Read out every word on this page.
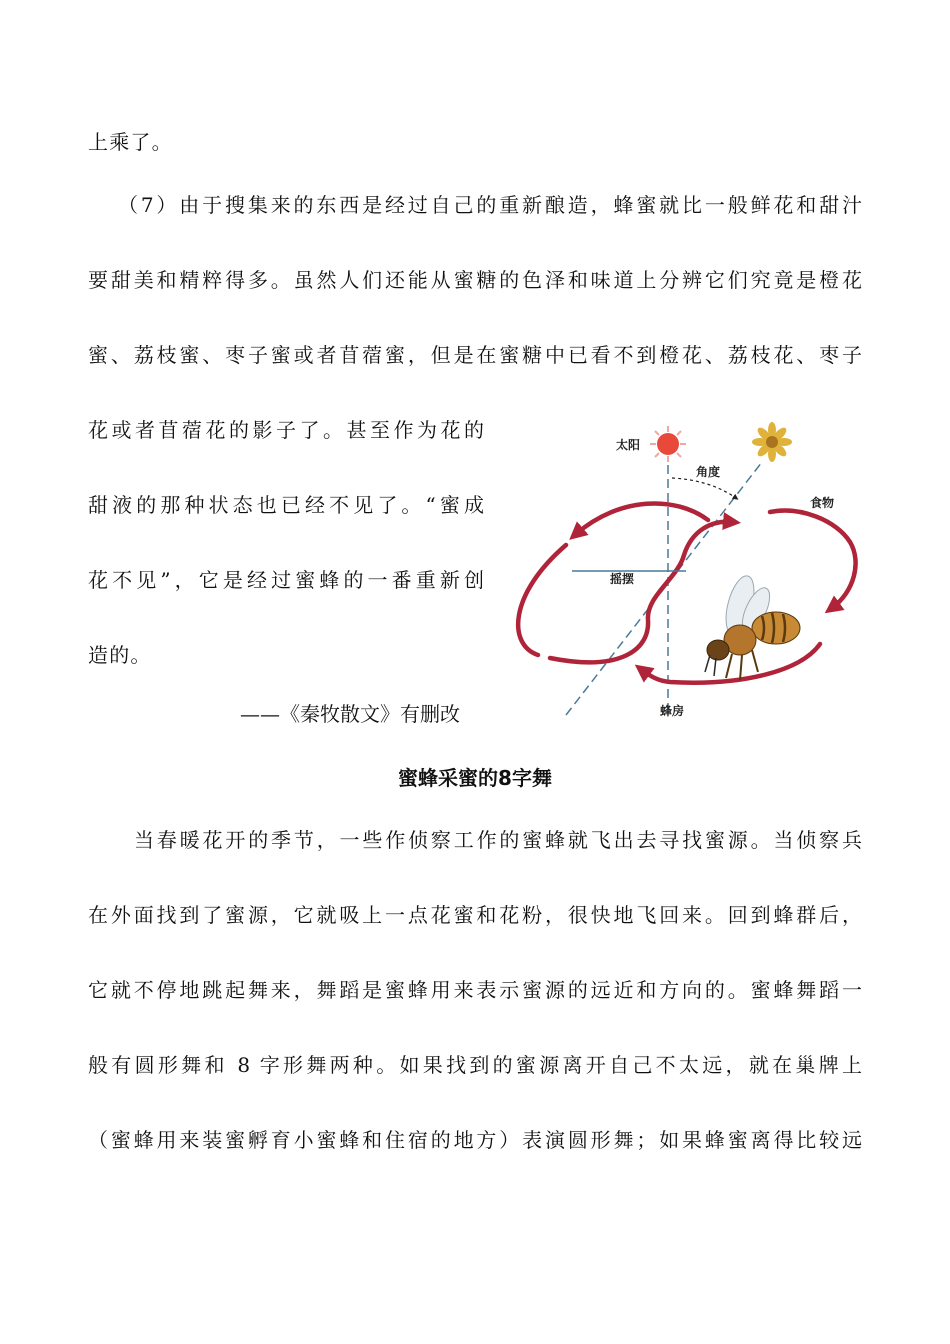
上乘了。
（7）由于搜集来的东西是经过自己的重新酿造，蜂蜜就比一般鲜花和甜汁
要甜美和精粹得多。虽然人们还能从蜜糖的色泽和味道上分辨它们究竟是橙花
蜜、荔枝蜜、枣子蜜或者苜蓿蜜，但是在蜜糖中已看不到橙花、荔枝花、枣子
花或者苜蓿花的影子了。甚至作为花的
甜液的那种状态也已经不见了。“蜜成
花不见”，它是经过蜜蜂的一番重新创
造的。
——《秦牧散文》有删改
太阳
角度
食物
摇摆
蜂房
蜜蜂采蜜的8字舞
当春暖花开的季节，一些作侦察工作的蜜蜂就飞出去寻找蜜源。当侦察兵
在外面找到了蜜源，它就吸上一点花蜜和花粉，很快地飞回来。回到蜂群后，
它就不停地跳起舞来，舞蹈是蜜蜂用来表示蜜源的远近和方向的。蜜蜂舞蹈一
般有圆形舞和 8 字形舞两种。如果找到的蜜源离开自己不太远，就在巢牌上
（蜜蜂用来装蜜孵育小蜜蜂和住宿的地方）表演圆形舞；如果蜂蜜离得比较远
